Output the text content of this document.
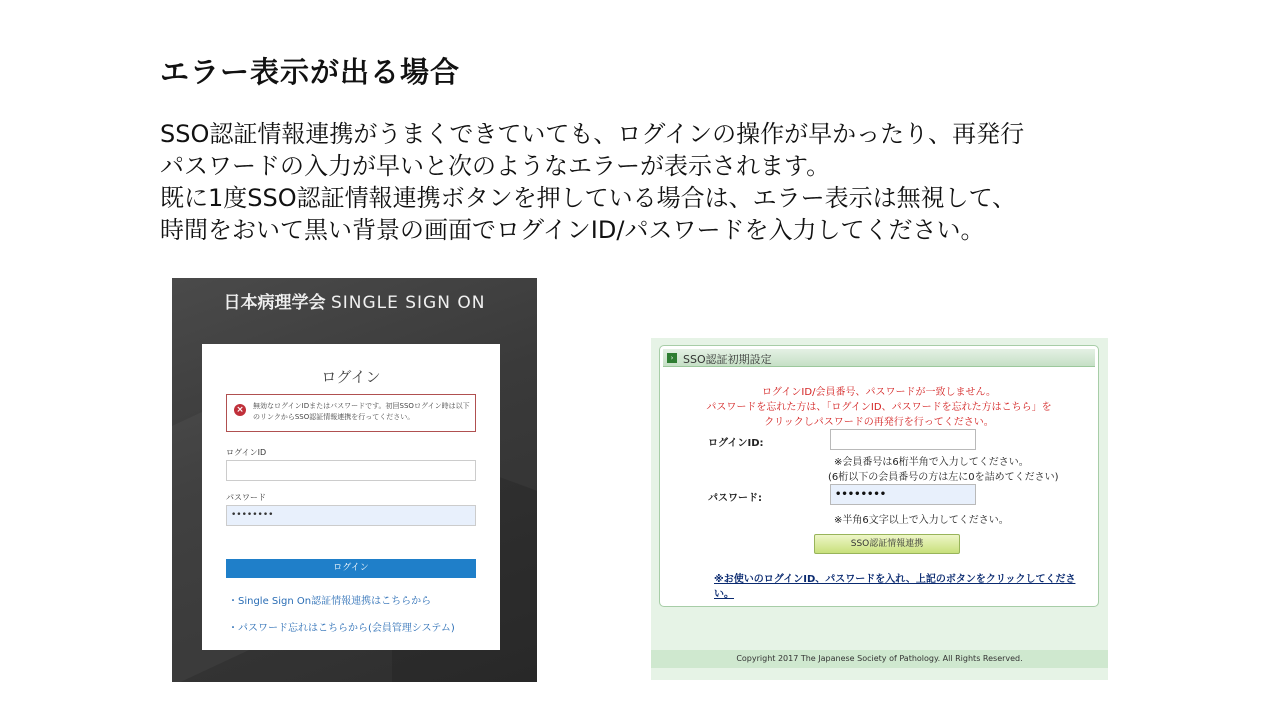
エラー表示が出る場合
SSO認証情報連携がうまくできていても、ログインの操作が早かったり、再発行
パスワードの入力が早いと次のようなエラーが表示されます。
既に1度SSO認証情報連携ボタンを押している場合は、エラー表示は無視して、
時間をおいて黒い背景の画面でログインID/パスワードを入力してください。
日本病理学会 SINGLE SIGN ON
ログイン
×	無効なログインIDまたはパスワードです。初回SSOログイン時は以下のリンクからSSO認証情報連携を行ってください。
ログインID
パスワード
••••••••
ログイン
・Single Sign On認証情報連携はこちらから
・パスワード忘れはこちらから(会員管理システム)
› SSO認証初期設定
ログインID/会員番号、パスワードが一致しません。
パスワードを忘れた方は、「ログインID、パスワードを忘れた方はこちら」を
クリックしパスワードの再発行を行ってください。
ログインID:
※会員番号は6桁半角で入力してください。
(6桁以下の会員番号の方は左に0を詰めてください)
パスワード:	••••••••
※半角6文字以上で入力してください。
SSO認証情報連携
※お使いのログインID、パスワードを入れ、上記のボタンをクリックしてください。
Copyright 2017 The Japanese Society of Pathology. All Rights Reserved.
